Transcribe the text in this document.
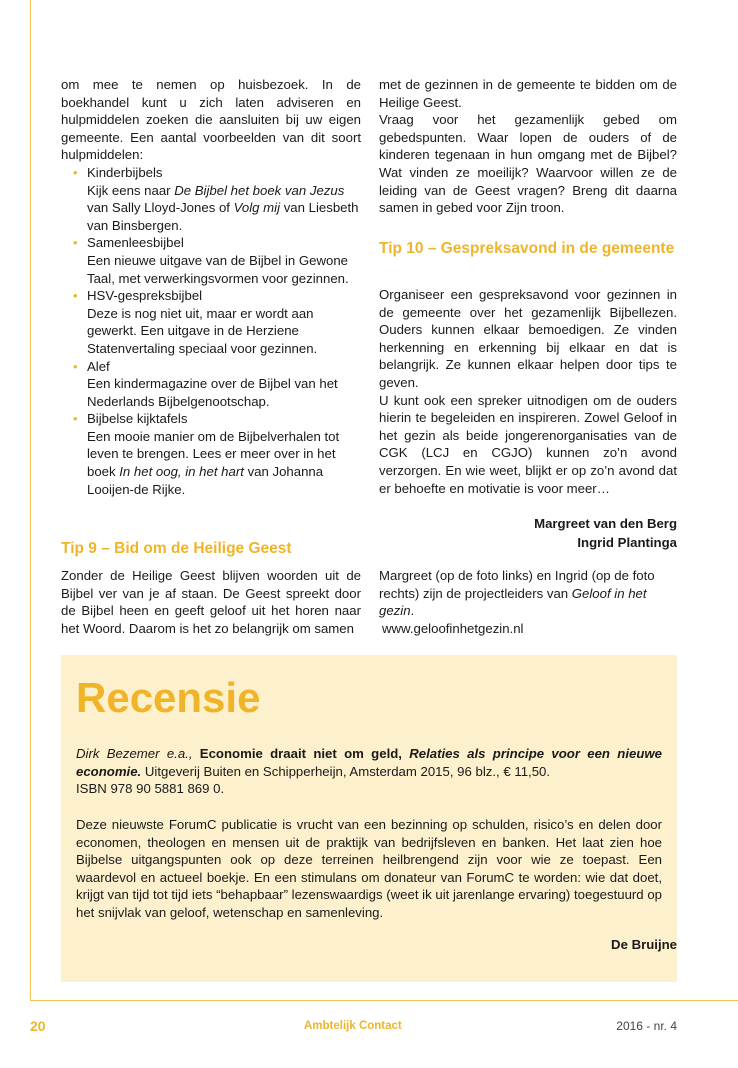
om mee te nemen op huisbezoek. In de boekhandel kunt u zich laten adviseren en hulpmiddelen zoeken die aansluiten bij uw eigen gemeente. Een aantal voorbeelden van dit soort hulpmiddelen:

• Kinderbijbels
Kijk eens naar De Bijbel het boek van Jezus van Sally Lloyd-Jones of Volg mij van Liesbeth van Binsbergen.
• Samenleesbijbel
Een nieuwe uitgave van de Bijbel in Gewone Taal, met verwerkingsvormen voor gezinnen.
• HSV-gespreksbijbel
Deze is nog niet uit, maar er wordt aan gewerkt. Een uitgave in de Herziene Statenvertaling speciaal voor gezinnen.
• Alef
Een kindermagazine over de Bijbel van het Nederlands Bijbelgenootschap.
• Bijbelse kijktafels
Een mooie manier om de Bijbelverhalen tot leven te brengen. Lees er meer over in het boek In het oog, in het hart van Johanna Looijen-de Rijke.
Tip 9 – Bid om de Heilige Geest

Zonder de Heilige Geest blijven woorden uit de Bijbel ver van je af staan. De Geest spreekt door de Bijbel heen en geeft geloof uit het horen naar het Woord. Daarom is het zo belangrijk om samen

met de gezinnen in de gemeente te bidden om de Heilige Geest.

Vraag voor het gezamenlijk gebed om gebedspunten. Waar lopen de ouders of de kinderen tegenaan in hun omgang met de Bijbel? Wat vinden ze moeilijk? Waarvoor willen ze de leiding van de Geest vragen? Breng dit daarna samen in gebed voor Zijn troon.

Tip 10 – Gespreksavond in de gemeente

Organiseer een gespreksavond voor gezinnen in de gemeente over het gezamenlijk Bijbellezen. Ouders kunnen elkaar bemoedigen. Ze vinden herkenning en erkenning bij elkaar en dat is belangrijk. Ze kunnen elkaar helpen door tips te geven.

U kunt ook een spreker uitnodigen om de ouders hierin te begeleiden en inspireren. Zowel Geloof in het gezin als beide jongerenorganisaties van de CGK (LCJ en CGJO) kunnen zo’n avond verzorgen. En wie weet, blijkt er op zo’n avond dat er behoefte en motivatie is voor meer…

Margreet van den Berg
Ingrid Plantinga

Margreet (op de foto links) en Ingrid (op de foto rechts) zijn de projectleiders van Geloof in het gezin.

www.geloofinhetgezin.nl

Recensie

Dirk Bezemer e.a., Economie draait niet om geld, Relaties als principe voor een nieuwe economie. Uitgeverij Buiten en Schipperheijn, Amsterdam 2015, 96 blz., € 11,50.

ISBN 978 90 5881 869 0.

Deze nieuwste ForumC publicatie is vrucht van een bezinning op schulden, risico’s en delen door economen, theologen en mensen uit de praktijk van bedrijfsleven en banken. Het laat zien hoe Bijbelse uitgangspunten ook op deze terreinen heilbrengend zijn voor wie ze toepast. Een waardevol en actueel boekje. En een stimulans om donateur van ForumC te worden: wie dat doet, krijgt van tijd tot tijd iets “behapbaar” lezenswaardigs (weet ik uit jarenlange ervaring) toegestuurd op het snijvlak van geloof, wetenschap en samenleving.

De Bruijne
20	Ambtelijk Contact	2016 - nr. 4
